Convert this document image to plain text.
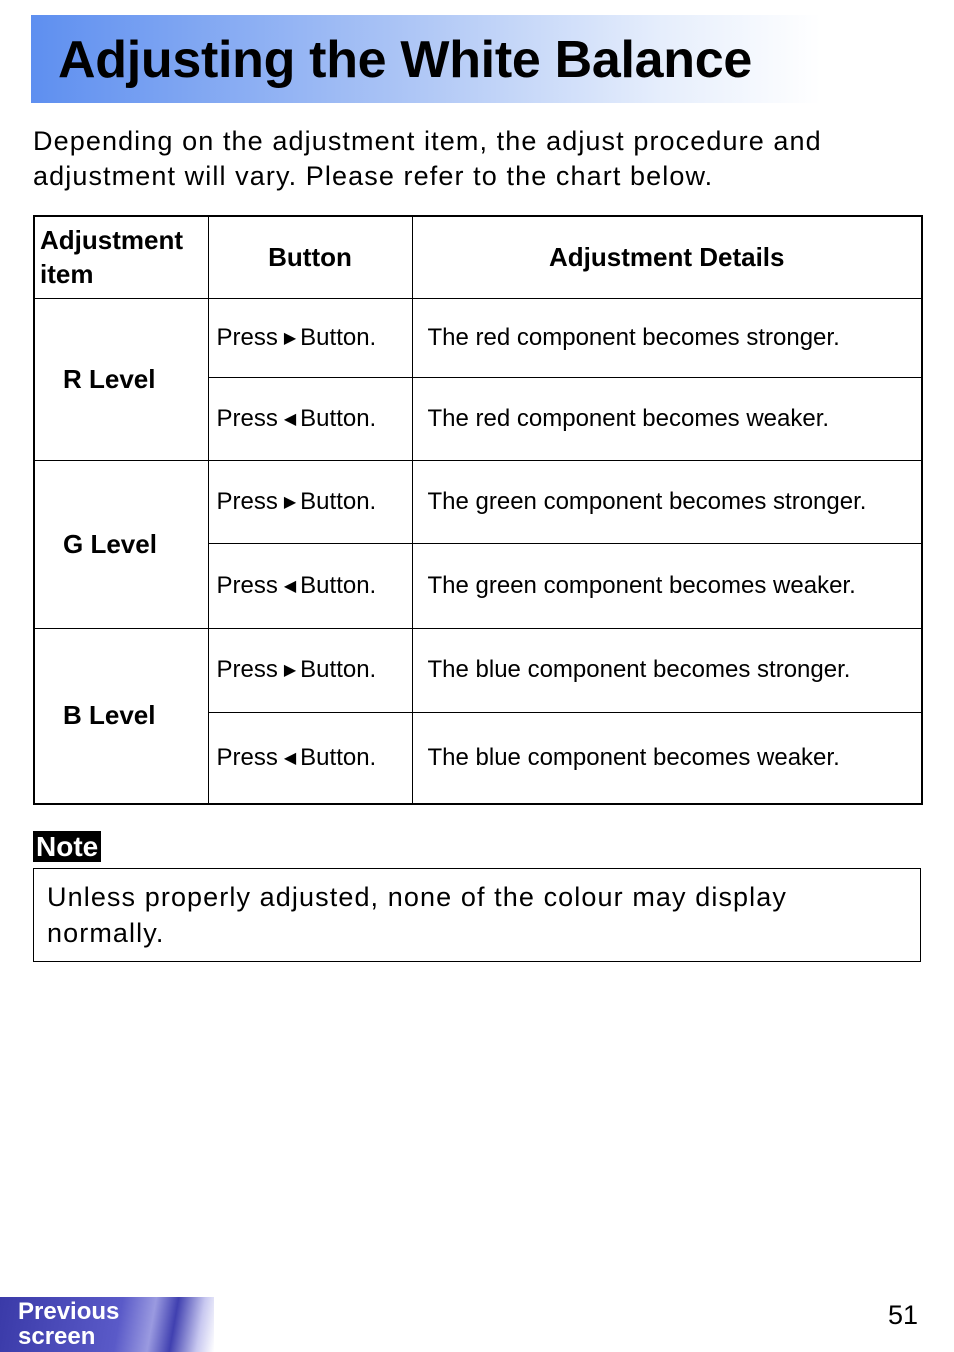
Adjusting the White Balance
Depending on the adjustment item, the adjust procedure and adjustment will vary. Please refer to the chart below.
Adjustment item	Button	Adjustment Details
R Level	Press ▶ Button.	The red component becomes stronger.
	Press ◀ Button.	The red component becomes weaker.
G Level	Press ▶ Button.	The green component becomes stronger.
	Press ◀ Button.	The green component becomes weaker.
B Level	Press ▶ Button.	The blue component becomes stronger.
	Press ◀ Button.	The blue component becomes weaker.
Note
Unless properly adjusted, none of the colour may display normally.
Previous
screen
51
